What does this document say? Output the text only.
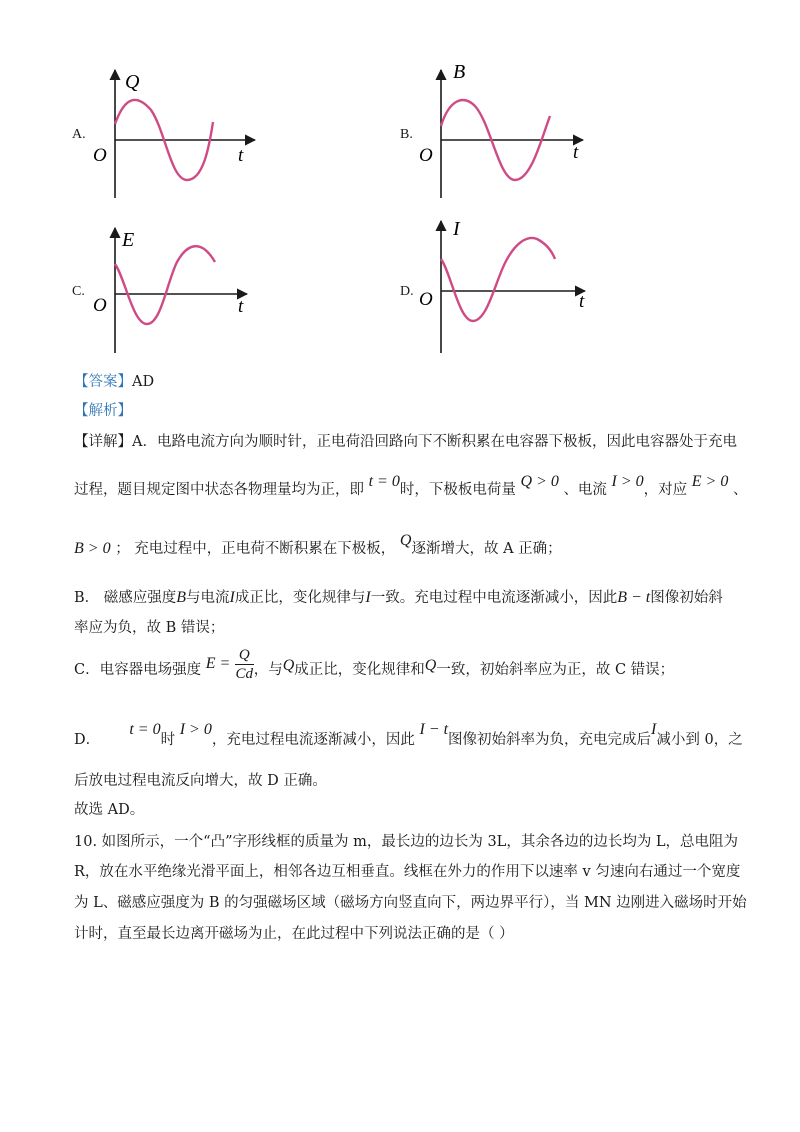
A.
Q
O	t
B.
B
O	t
C.
E
O	t
D.
I
O	t
【答案】AD
【解析】
【详解】A．电路电流方向为顺时针，正电荷沿回路向下不断积累在电容器下极板，因此电容器处于充电
过程，题目规定图中状态各物理量均为正，即 t = 0时，下极板电荷量 Q > 0 、电流 I > 0，对应 E > 0 、
B > 0 ； 充电过程中，正电荷不断积累在下极板， Q逐渐增大，故 A 正确；
B． 磁感应强度B与电流I成正比，变化规律与I一致。充电过程中电流逐渐减小，因此B − t图像初始斜
率应为负，故 B 错误；
C．电容器电场强度 $E = \frac{Q}{Cd}$ ，与Q成正比，变化规律和Q一致，初始斜率应为正，故 C 错误；
D．  t = 0时 I > 0，充电过程电流逐渐减小，因此 I − t图像初始斜率为负，充电完成后I减小到 0，之
后放电过程电流反向增大，故 D 正确。
故选 AD。
10. 如图所示，一个“凸”字形线框的质量为 m，最长边的边长为 3L，其余各边的边长均为 L，总电阻为
R，放在水平绝缘光滑平面上，相邻各边互相垂直。线框在外力的作用下以速率 v 匀速向右通过一个宽度
为 L、磁感应强度为 B 的匀强磁场区域（磁场方向竖直向下，两边界平行），当 MN 边刚进入磁场时开始
计时，直至最长边离开磁场为止，在此过程中下列说法正确的是（ ）
